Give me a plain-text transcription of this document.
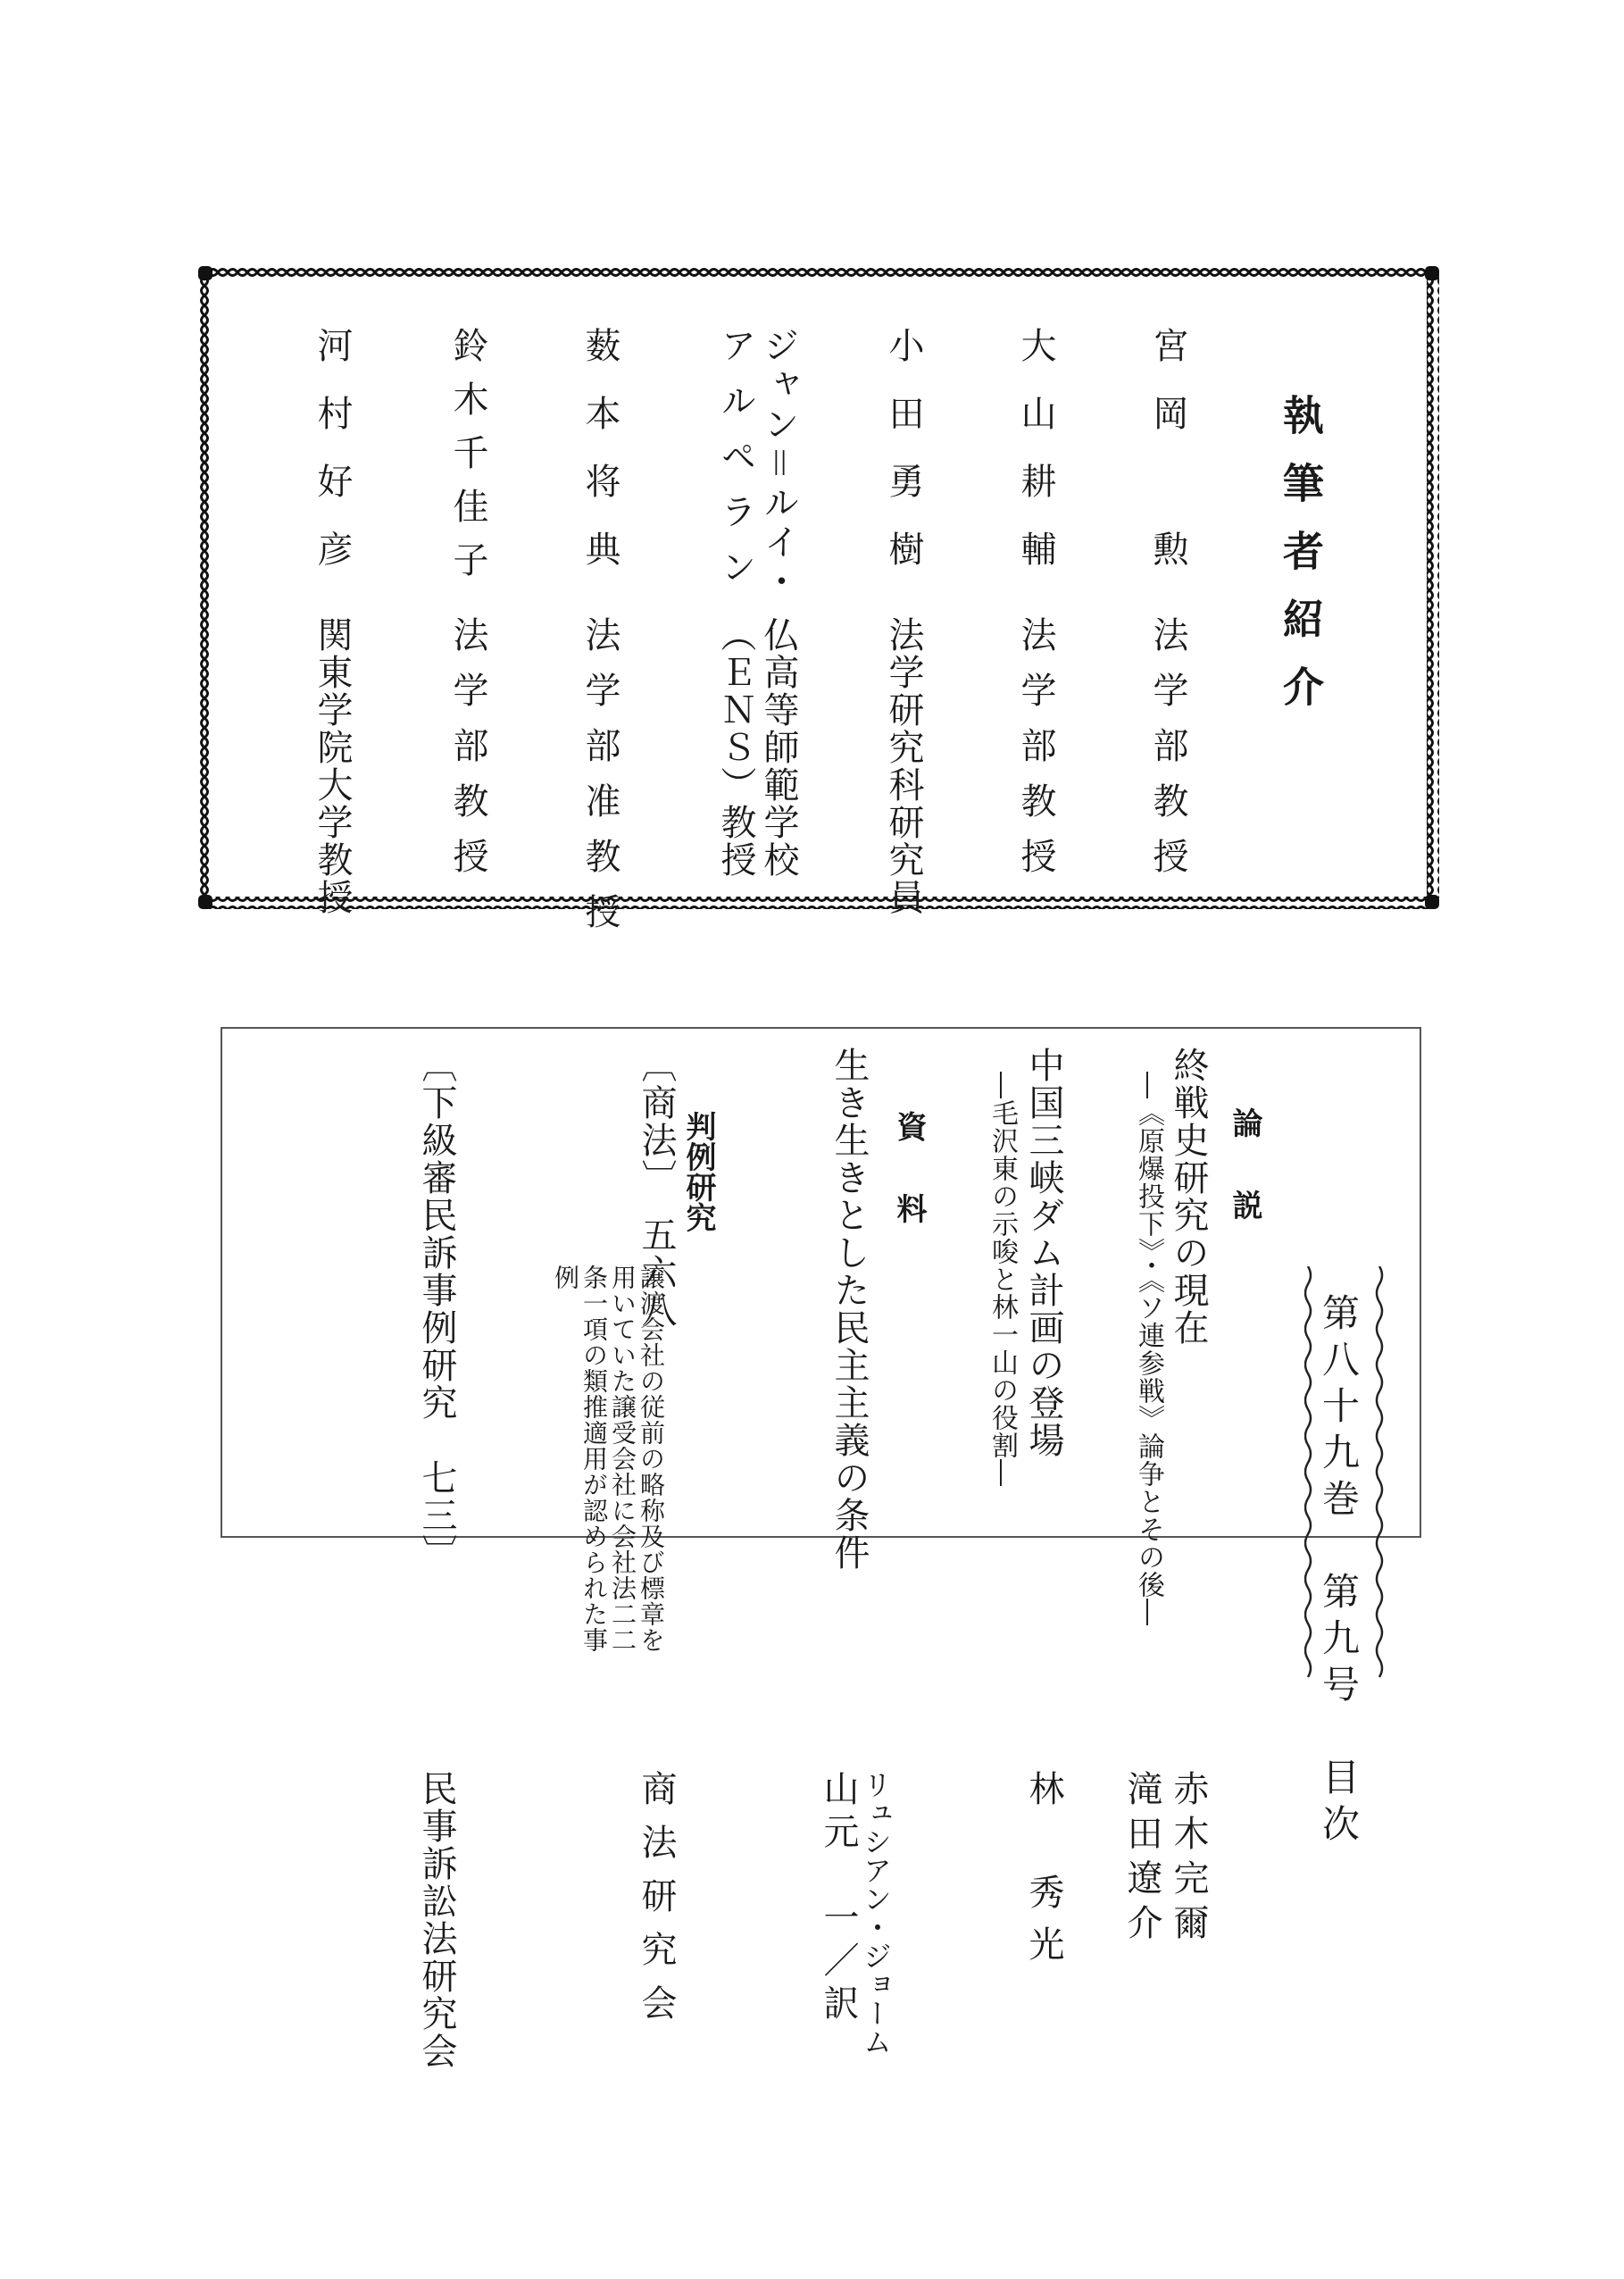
執筆者紹介
宮岡　勲
法学部教授
大山耕輔
法学部教授
小田勇樹
法学研究科研究員
ジャン＝ルイ・
アルペラン
仏高等師範学校
（ＥＮＳ）教授
薮本将典
法学部准教授
鈴木千佳子
法学部教授
河村好彦
関東学院大学教授
第八十九巻　第九号　目次
論　説
終戦史研究の現在
―《原爆投下》・《ソ連参戦》論争とその後―
赤木完爾
滝田遼介
中国三峡ダム計画の登場
―毛沢東の示唆と林一山の役割―
林　秀光
資　料
生き生きとした民主主義の条件
リュシアン・ジョーム
山元　一／訳
判例研究
〔商法〕　五六八
譲渡会社の従前の略称及び標章を
用いていた譲受会社に会社法二二
条一項の類推適用が認められた事
例
商法研究会
〔下級審民訴事例研究　七三〕
民事訴訟法研究会
